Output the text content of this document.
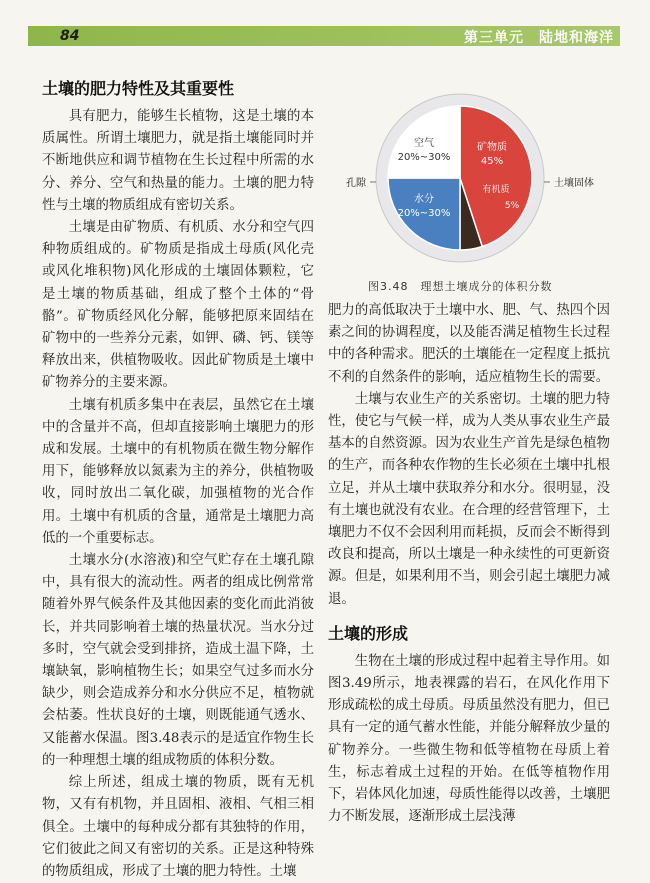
84	第三单元　陆地和海洋
土壤的肥力特性及其重要性

具有肥力，能够生长植物，这是土壤的本质属性。所谓土壤肥力，就是指土壤能同时并不断地供应和调节植物在生长过程中所需的水分、养分、空气和热量的能力。土壤的肥力特性与土壤的物质组成有密切关系。

土壤是由矿物质、有机质、水分和空气四种物质组成的。矿物质是指成土母质(风化壳或风化堆积物)风化形成的土壤固体颗粒，它是土壤的物质基础，组成了整个土体的“骨骼”。矿物质经风化分解，能够把原来固结在矿物中的一些养分元素，如钾、磷、钙、镁等释放出来，供植物吸收。因此矿物质是土壤中矿物养分的主要来源。

土壤有机质多集中在表层，虽然它在土壤中的含量并不高，但却直接影响土壤肥力的形成和发展。土壤中的有机物质在微生物分解作用下，能够释放以氮素为主的养分，供植物吸收，同时放出二氧化碳，加强植物的光合作用。土壤中有机质的含量，通常是土壤肥力高低的一个重要标志。

土壤水分(水溶液)和空气贮存在土壤孔隙中，具有很大的流动性。两者的组成比例常常随着外界气候条件及其他因素的变化而此消彼长，并共同影响着土壤的热量状况。当水分过多时，空气就会受到排挤，造成土温下降，土壤缺氧，影响植物生长；如果空气过多而水分缺少，则会造成养分和水分供应不足，植物就会枯萎。性状良好的土壤，则既能通气透水、又能蓄水保温。图3.48表示的是适宜作物生长的一种理想土壤的组成物质的体积分数。

综上所述，组成土壤的物质，既有无机物，又有有机物，并且固相、液相、气相三相俱全。土壤中的每种成分都有其独特的作用，它们彼此之间又有密切的关系。正是这种特殊的物质组成，形成了土壤的肥力特性。土壤

矿物质
45%
有机质
5%
空气
20%~30%
水分
20%~30%
孔隙	土壤固体
图3.48　理想土壤成分的体积分数

肥力的高低取决于土壤中水、肥、气、热四个因素之间的协调程度，以及能否满足植物生长过程中的各种需求。肥沃的土壤能在一定程度上抵抗不利的自然条件的影响，适应植物生长的需要。

土壤与农业生产的关系密切。土壤的肥力特性，使它与气候一样，成为人类从事农业生产最基本的自然资源。因为农业生产首先是绿色植物的生产，而各种农作物的生长必须在土壤中扎根立足，并从土壤中获取养分和水分。很明显，没有土壤也就没有农业。在合理的经营管理下，土壤肥力不仅不会因利用而耗损，反而会不断得到改良和提高，所以土壤是一种永续性的可更新资源。但是，如果利用不当，则会引起土壤肥力减退。

土壤的形成

生物在土壤的形成过程中起着主导作用。如图3.49所示，地表裸露的岩石，在风化作用下形成疏松的成土母质。母质虽然没有肥力，但已具有一定的通气蓄水性能，并能分解释放少量的矿物养分。一些微生物和低等植物在母质上着生，标志着成土过程的开始。在低等植物作用下，岩体风化加速，母质性能得以改善，土壤肥力不断发展，逐渐形成土层浅薄
